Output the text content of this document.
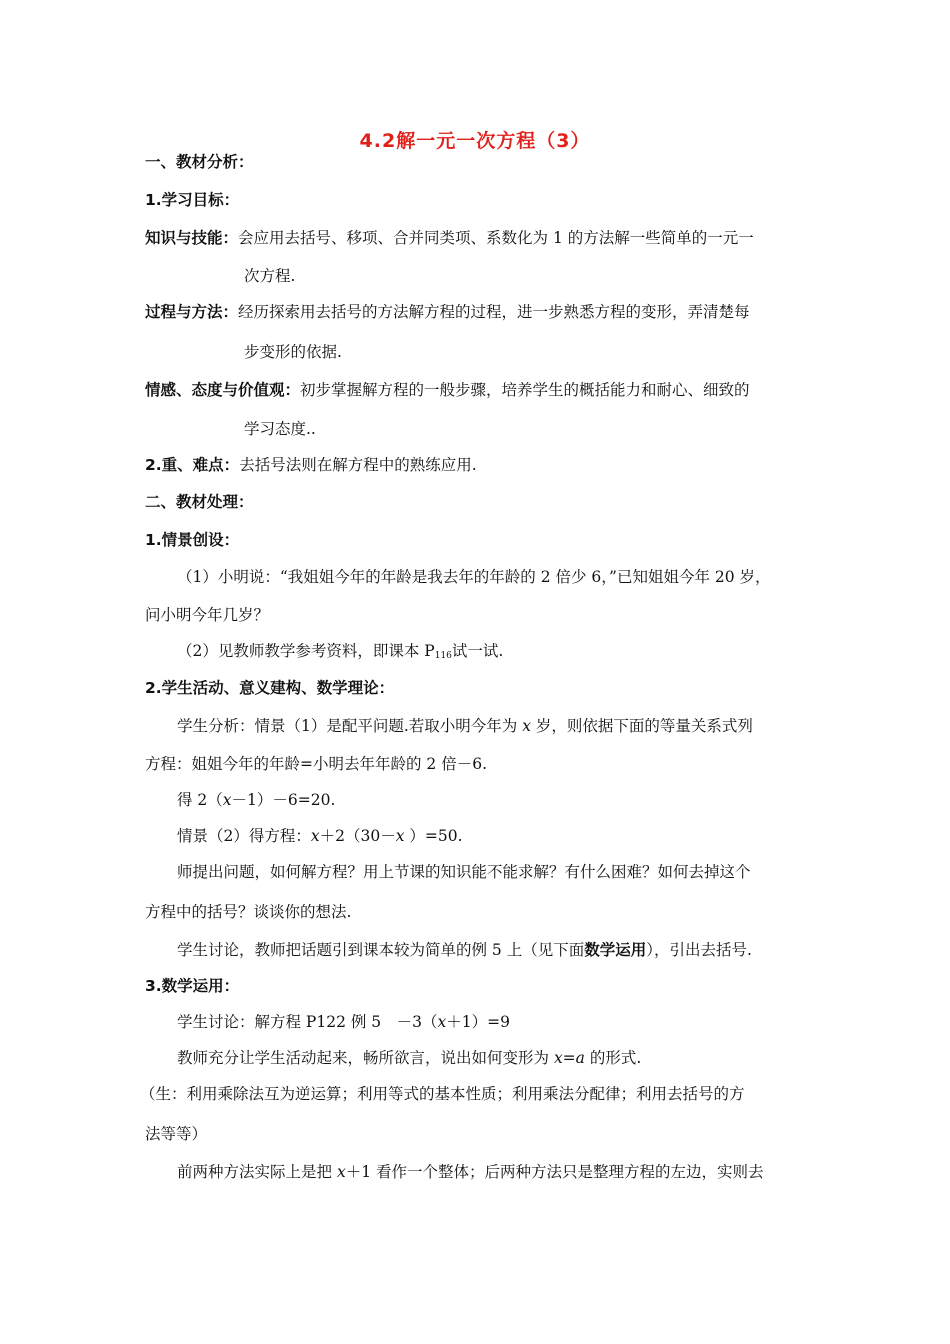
4.2解一元一次方程（3）
一、教材分析：
1.学习目标：
知识与技能：会应用去括号、移项、合并同类项、系数化为 1 的方法解一些简单的一元一
次方程.
过程与方法：经历探索用去括号的方法解方程的过程，进一步熟悉方程的变形，弄清楚每
步变形的依据.
情感、态度与价值观：初步掌握解方程的一般步骤，培养学生的概括能力和耐心、细致的
学习态度..
2.重、难点：去括号法则在解方程中的熟练应用.
二、教材处理：
1.情景创设：
（1）小明说：“我姐姐今年的年龄是我去年的年龄的 2 倍少 6，”已知姐姐今年 20 岁，
问小明今年几岁？
（2）见教师教学参考资料，即课本 P116试一试.
2.学生活动、意义建构、数学理论：
学生分析：情景（1）是配平问题.若取小明今年为 x 岁，则依据下面的等量关系式列
方程：姐姐今年的年龄=小明去年年龄的 2 倍－6.
得 2（x－1）－6=20.
情景（2）得方程：x＋2（30－x ）=50.
师提出问题，如何解方程？用上节课的知识能不能求解？有什么困难？如何去掉这个
方程中的括号？谈谈你的想法.
学生讨论，教师把话题引到课本较为简单的例 5 上（见下面数学运用），引出去括号.
3.数学运用：
学生讨论：解方程 P122 例 5　－3（x＋1）=9
教师充分让学生活动起来，畅所欲言，说出如何变形为 x=a 的形式.
（生：利用乘除法互为逆运算；利用等式的基本性质；利用乘法分配律；利用去括号的方
法等等）
前两种方法实际上是把 x＋1 看作一个整体；后两种方法只是整理方程的左边，实则去
